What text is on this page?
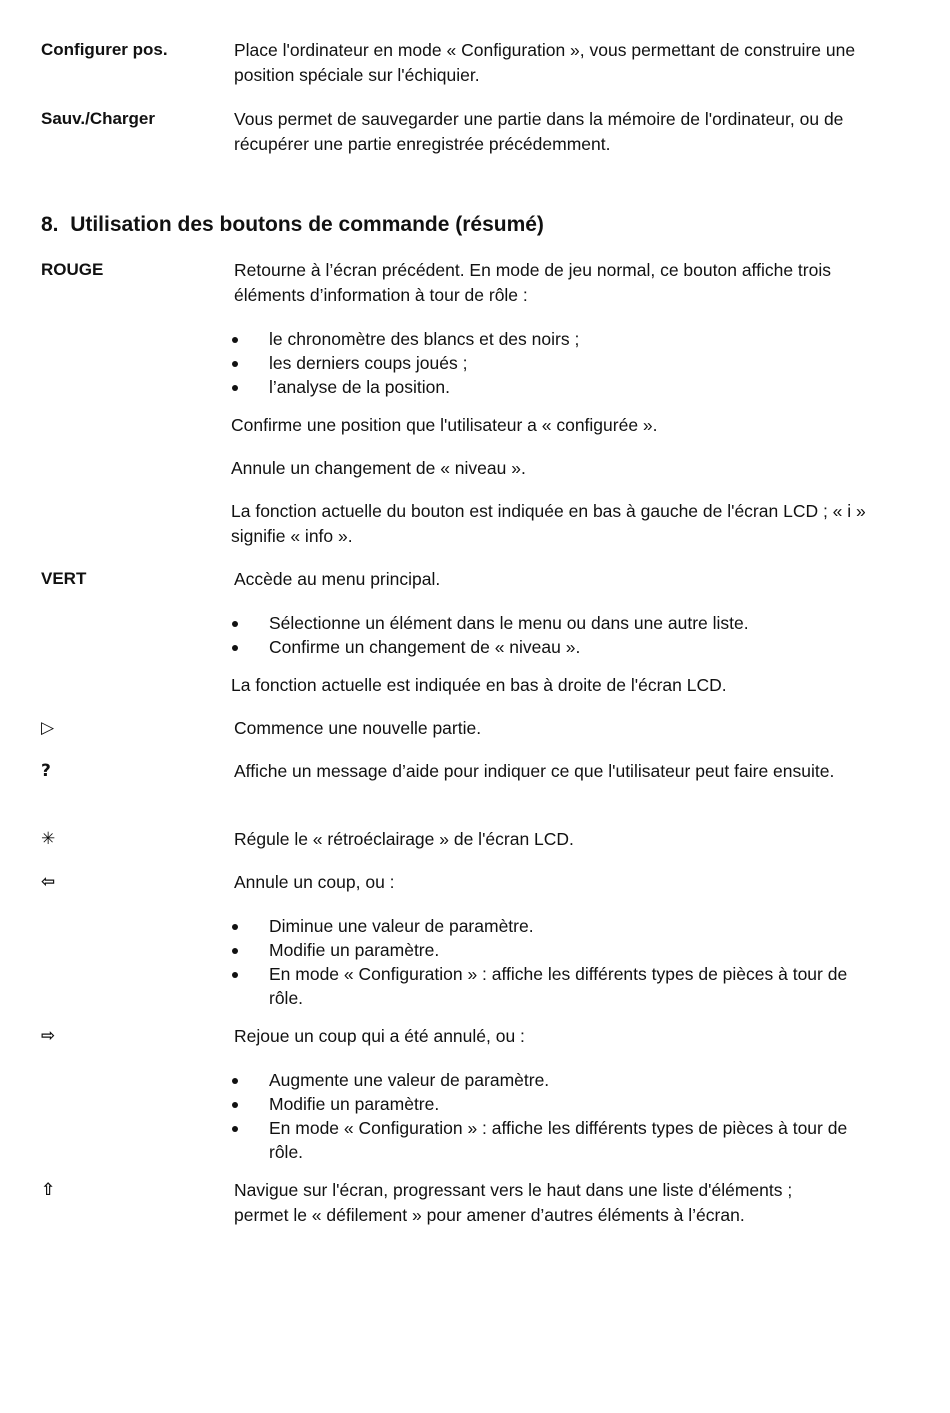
Configurer pos.	Place l'ordinateur en mode « Configuration », vous permettant de construire une position spéciale sur l'échiquier.
Sauv./Charger	Vous permet de sauvegarder une partie dans la mémoire de l'ordinateur, ou de récupérer une partie enregistrée précédemment.
8. Utilisation des boutons de commande (résumé)
ROUGE	Retourne à l’écran précédent. En mode de jeu normal, ce bouton affiche trois éléments d’information à tour de rôle :
le chronomètre des blancs et des noirs ;
les derniers coups joués ;
l’analyse de la position.
Confirme une position que l'utilisateur a « configurée ».
Annule un changement de « niveau ».
La fonction actuelle du bouton est indiquée en bas à gauche de l'écran LCD ; « i » signifie « info ».
VERT	Accède au menu principal.
Sélectionne un élément dans le menu ou dans une autre liste.
Confirme un changement de « niveau ».
La fonction actuelle est indiquée en bas à droite de l'écran LCD.
▷	Commence une nouvelle partie.
?	Affiche un message d’aide pour indiquer ce que l'utilisateur peut faire ensuite.
✳	Régule le « rétroéclairage » de l'écran LCD.
⇦	Annule un coup, ou :
Diminue une valeur de paramètre.
Modifie un paramètre.
En mode « Configuration » : affiche les différents types de pièces à tour de rôle.
⇨	Rejoue un coup qui a été annulé, ou :
Augmente une valeur de paramètre.
Modifie un paramètre.
En mode « Configuration » : affiche les différents types de pièces à tour de rôle.
⇧	Navigue sur l'écran, progressant vers le haut dans une liste d'éléments ; permet le « défilement » pour amener d’autres éléments à l’écran.
